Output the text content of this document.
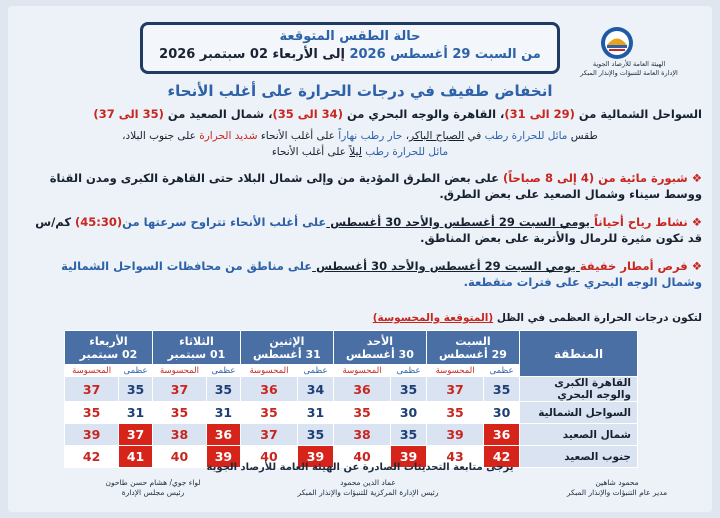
الهيئة العامة للأرصاد الجوية
الإدارة العامة للتنبؤات والإنذار المبكر
حالة الطقس المتوقعة
من السبت 29 أغسطس 2026 إلى الأربعاء 02 سبتمبر 2026
انخفاض طفيف في درجات الحرارة على أغلب الأنحاء
السواحل الشمالية من (29 الى 31)، القاهرة والوجه البحري من (34 الى 35)، شمال الصعيد من (35 الى 37)
طقس مائل للحرارة رطب في الصباح الباكر، حار رطب نهاراً على أغلب الأنحاء شديد الحرارة على جنوب البلاد،
مائل للحرارة رطب ليلاً على أغلب الأنحاء
❖شبورة مائية من (4 إلى 8 صباحاً) على بعض الطرق المؤدية من وإلى شمال البلاد حتى القاهرة الكبرى ومدن القناة
ووسط سيناء وشمال الصعيد على بعض الطرق.
❖نشاط رياح أحياناً يومي السبت 29 أغسطس والأحد 30 أغسطس على أغلب الأنحاء تتراوح سرعتها من(45:30) كم/س
قد تكون مثيرة للرمال والأتربة على بعض المناطق.
❖فرص أمطار خفيفة يومي السبت 29 أغسطس والأحد 30 أغسطس على مناطق من محافظات السواحل الشمالية
وشمال الوجه البحري على فترات متقطعة.
لتكون درجات الحرارة العظمى في الظل (المتوقعة والمحسوسة)
المنطقة	السبت
29 أغسطس		الأحد
30 أغسطس		الإثنين
31 أغسطس		الثلاثاء
01 سبتمبر		الأربعاء
02 سبتمبر	
	عظمى	المحسوسة	عظمى	المحسوسة	عظمى	المحسوسة	عظمى	المحسوسة	عظمى	المحسوسة
القاهرة الكبرى والوجه البحري	35	37	35	36	34	36	35	37	35	37
السواحل الشمالية	30	35	30	35	31	35	31	35	31	35
شمال الصعيد	36	39	35	38	35	37	36	38	37	39
جنوب الصعيد	42	43	39	40	39	40	39	40	41	42
يرجى متابعة التحديثات الصادرة عن الهيئة العامة للأرصاد الجوية
محمود شاهين
مدير عام التنبؤات والإنذار المبكر
عماد الدين محمود
رئيس الإدارة المركزية للتنبؤات والإنذار المبكر
لواء جوي/ هشام حسن طاحون
رئيس مجلس الإدارة
